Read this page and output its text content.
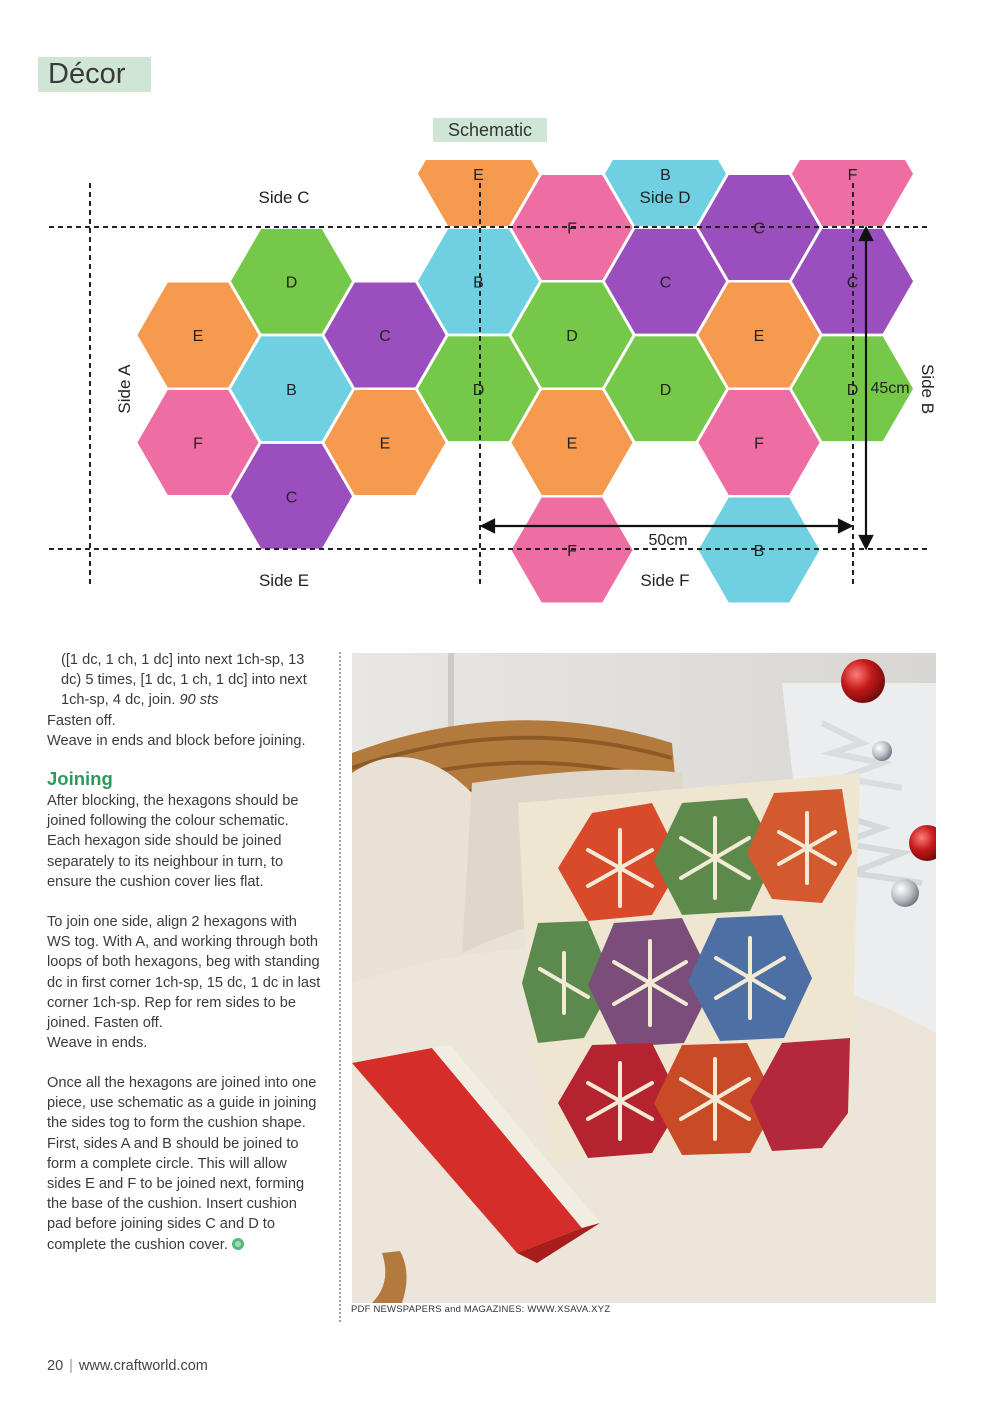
Décor
Schematic
E
F
D
B
C
C
E
E
B
D
F
D
E
F
B
C
D
C
E
F
B
F
C
D
Side C	Side D
Side E	Side F
Side A	Side B
50cm
45cm

([1 dc, 1 ch, 1 dc] into next 1ch-sp, 13

dc) 5 times, [1 dc, 1 ch, 1 dc] into next

1ch-sp, 4 dc, join. 90 sts

Fasten off.

Weave in ends and block before joining.

Joining

After blocking, the hexagons should be joined following the colour schematic. Each hexagon side should be joined separately to its neighbour in turn, to ensure the cushion cover lies flat.

To join one side, align 2 hexagons with WS tog. With A, and working through both loops of both hexagons, beg with standing dc in first corner 1ch-sp, 15 dc, 1 dc in last corner 1ch-sp. Rep for rem sides to be joined. Fasten off.

Weave in ends.

Once all the hexagons are joined into one piece, use schematic as a guide in joining the sides tog to form the cushion shape. First, sides A and B should be joined to form a complete circle. This will allow sides E and F to be joined next, forming the base of the cushion. Insert cushion pad before joining sides C and D to complete the cushion cover.

PDF NEWSPAPERS and MAGAZINES: WWW.XSAVA.XYZ
20 | www.craftworld.com
